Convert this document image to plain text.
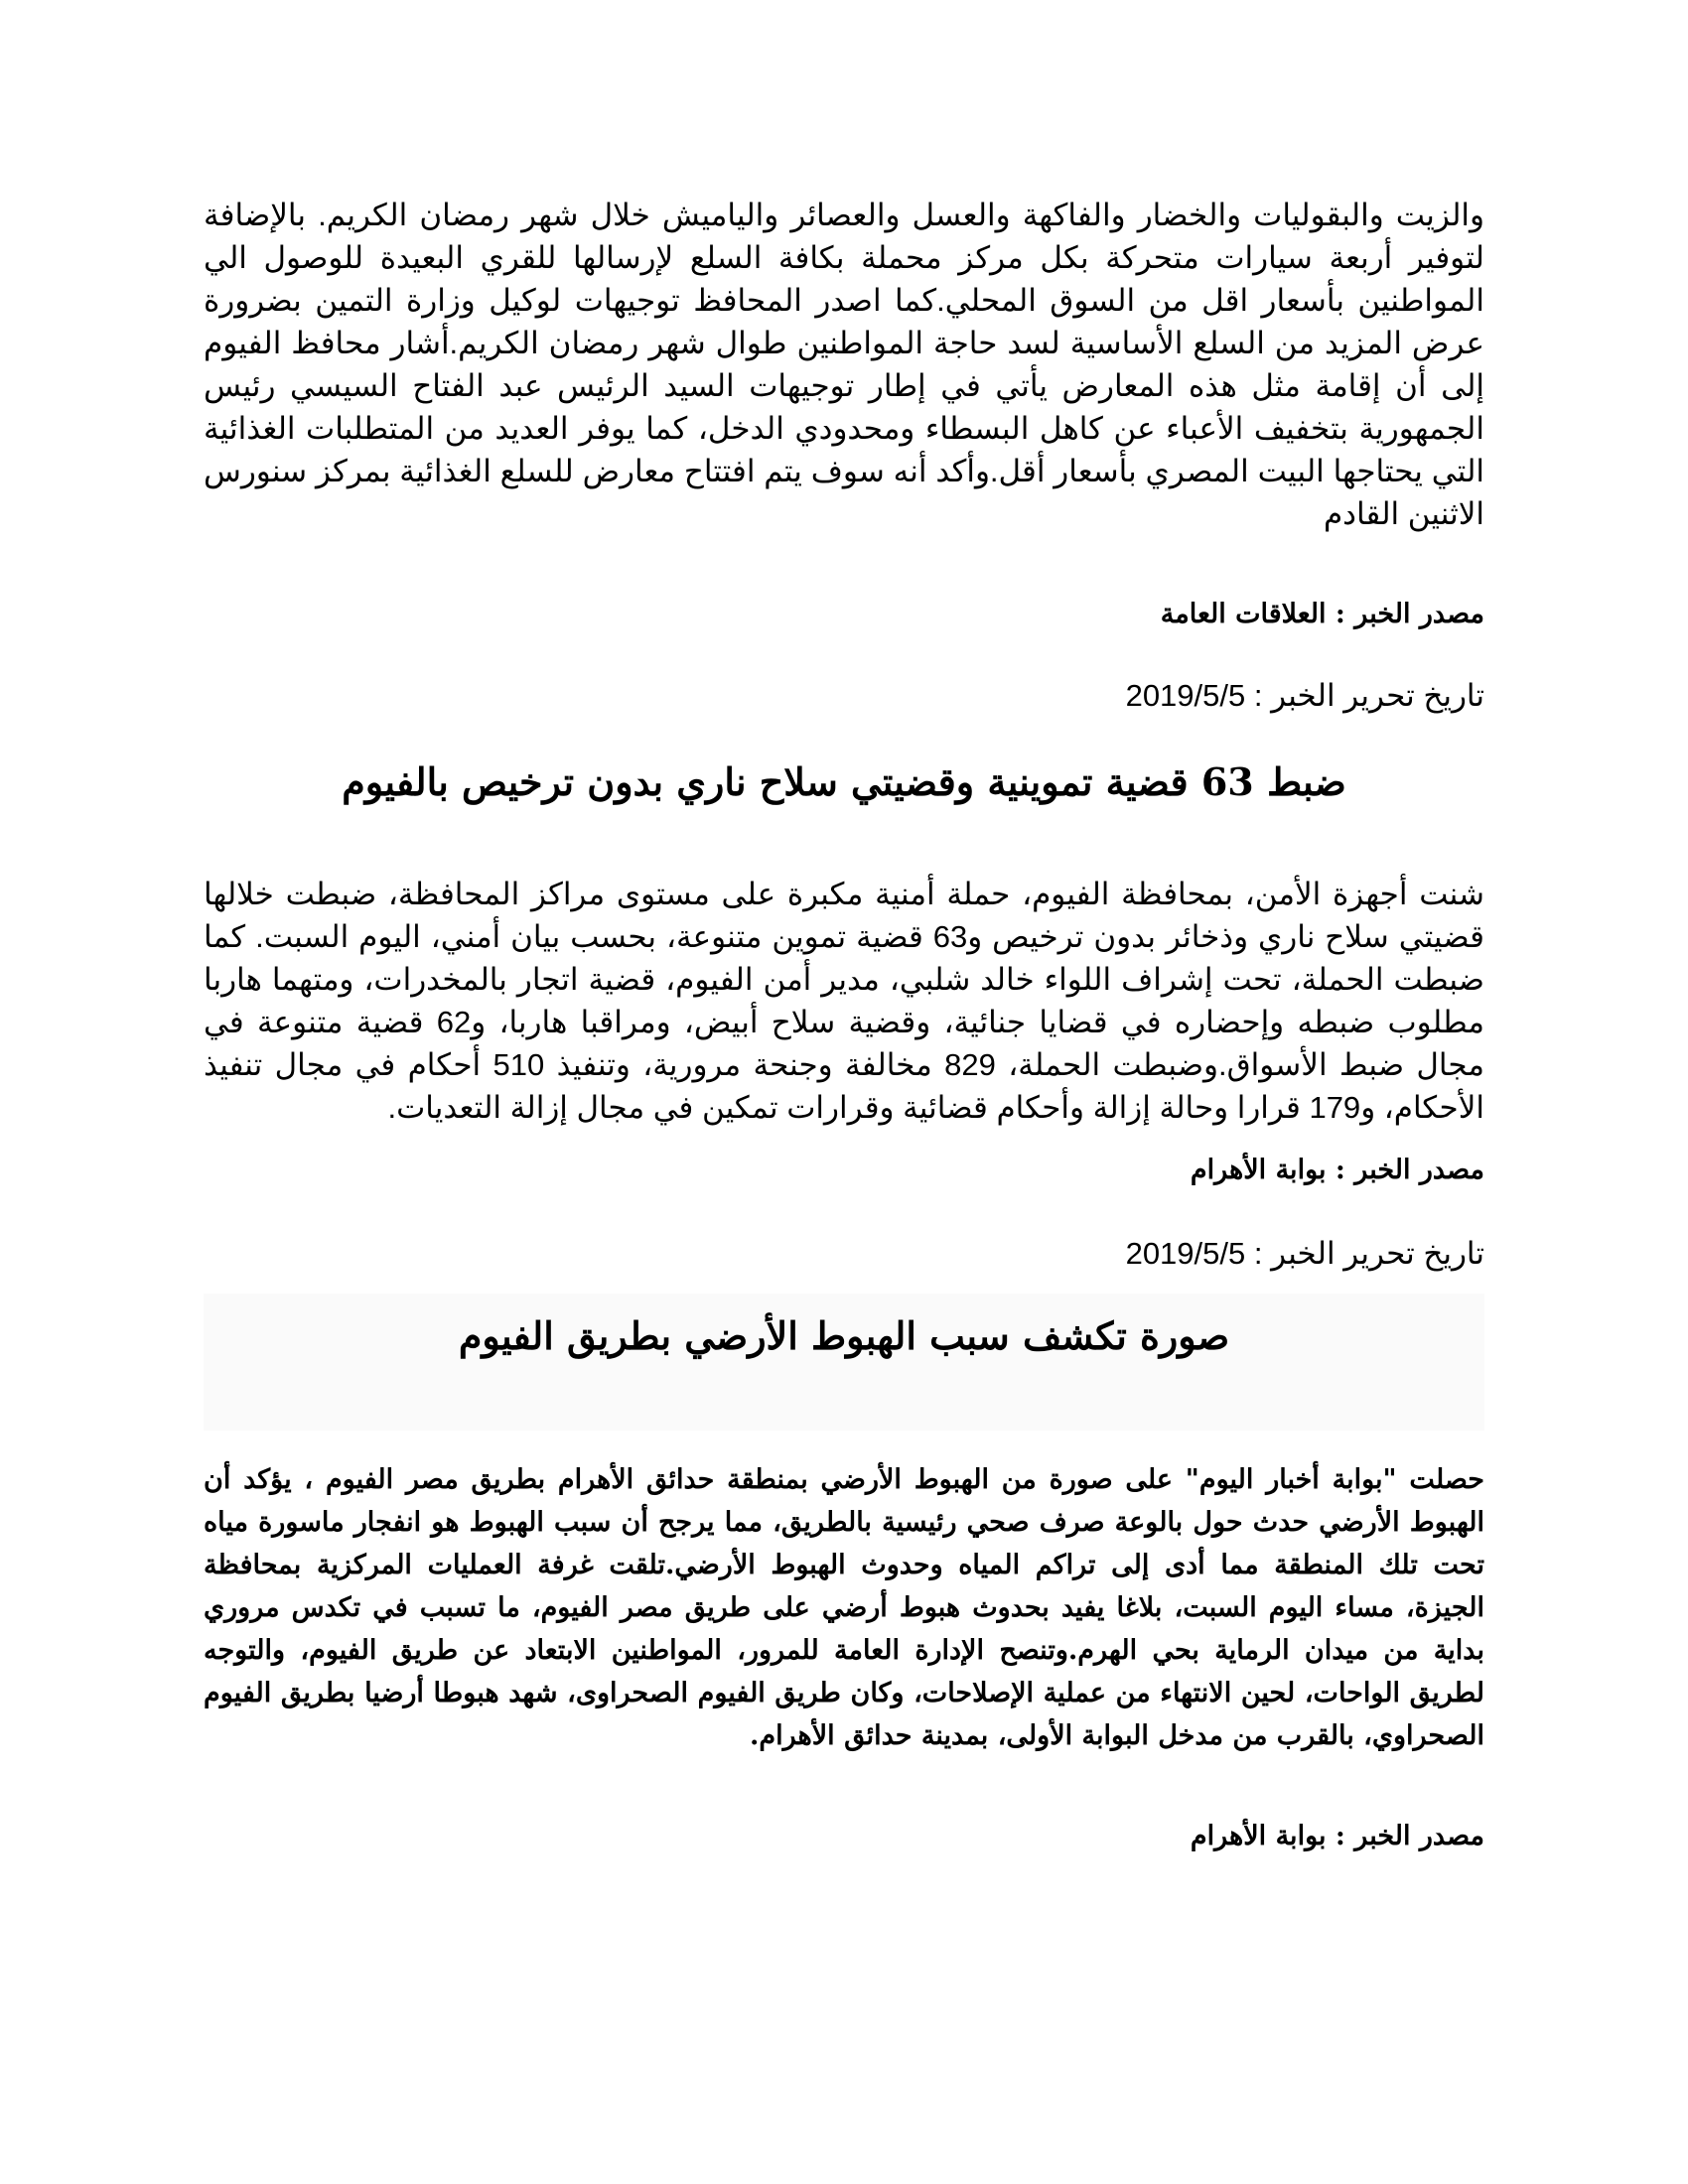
والزيت والبقوليات والخضار والفاكهة والعسل والعصائر والياميش خلال شهر رمضان الكريم. بالإضافة لتوفير أربعة سيارات متحركة بكل مركز محملة بكافة السلع لإرسالها للقري البعيدة للوصول الي المواطنين بأسعار اقل من السوق المحلي.كما اصدر المحافظ توجيهات لوكيل وزارة التمين بضرورة عرض المزيد من السلع الأساسية لسد حاجة المواطنين طوال شهر رمضان الكريم.أشار محافظ الفيوم إلى أن إقامة مثل هذه المعارض يأتي في إطار توجيهات السيد الرئيس عبد الفتاح السيسي رئيس الجمهورية بتخفيف الأعباء عن كاهل البسطاء ومحدودي الدخل، كما يوفر العديد من المتطلبات الغذائية التي يحتاجها البيت المصري بأسعار أقل.وأكد أنه سوف يتم افتتاح معارض للسلع الغذائية بمركز سنورس الاثنين القادم

مصدر الخبر : العلاقات العامة

تاريخ تحرير الخبر : 2019/5/5

ضبط 63 قضية تموينية وقضيتي سلاح ناري بدون ترخيص بالفيوم

شنت أجهزة الأمن، بمحافظة الفيوم، حملة أمنية مكبرة على مستوى مراكز المحافظة، ضبطت خلالها قضيتي سلاح ناري وذخائر بدون ترخيص و63 قضية تموين متنوعة، بحسب بيان أمني، اليوم السبت. كما ضبطت الحملة، تحت إشراف اللواء خالد شلبي، مدير أمن الفيوم، قضية اتجار بالمخدرات، ومتهما هاربا مطلوب ضبطه وإحضاره في قضايا جنائية، وقضية سلاح أبيض، ومراقبا هاربا، و62 قضية متنوعة في مجال ضبط الأسواق.وضبطت الحملة، 829 مخالفة وجنحة مرورية، وتنفيذ 510 أحكام في مجال تنفيذ الأحكام، و179 قرارا وحالة إزالة وأحكام قضائية وقرارات تمكين في مجال إزالة التعديات.

مصدر الخبر : بوابة الأهرام

تاريخ تحرير الخبر : 2019/5/5

صورة تكشف سبب الهبوط الأرضي بطريق الفيوم

حصلت "بوابة أخبار اليوم" على صورة من الهبوط الأرضي بمنطقة حدائق الأهرام بطريق مصر الفيوم ، يؤكد أن الهبوط الأرضي حدث حول بالوعة صرف صحي رئيسية بالطريق، مما يرجح أن سبب الهبوط هو انفجار ماسورة مياه تحت تلك المنطقة مما أدى إلى تراكم المياه وحدوث الهبوط الأرضي.تلقت غرفة العمليات المركزية بمحافظة الجيزة، مساء اليوم السبت، بلاغا يفيد بحدوث هبوط أرضي على طريق مصر الفيوم، ما تسبب في تكدس مروري بداية من ميدان الرماية بحي الهرم.وتنصح الإدارة العامة للمرور، المواطنين الابتعاد عن طريق الفيوم، والتوجه لطريق الواحات، لحين الانتهاء من عملية الإصلاحات، وكان طريق الفيوم الصحراوى، شهد هبوطا أرضيا بطريق الفيوم الصحراوي، بالقرب من مدخل البوابة الأولى، بمدينة حدائق الأهرام.

مصدر الخبر : بوابة الأهرام
